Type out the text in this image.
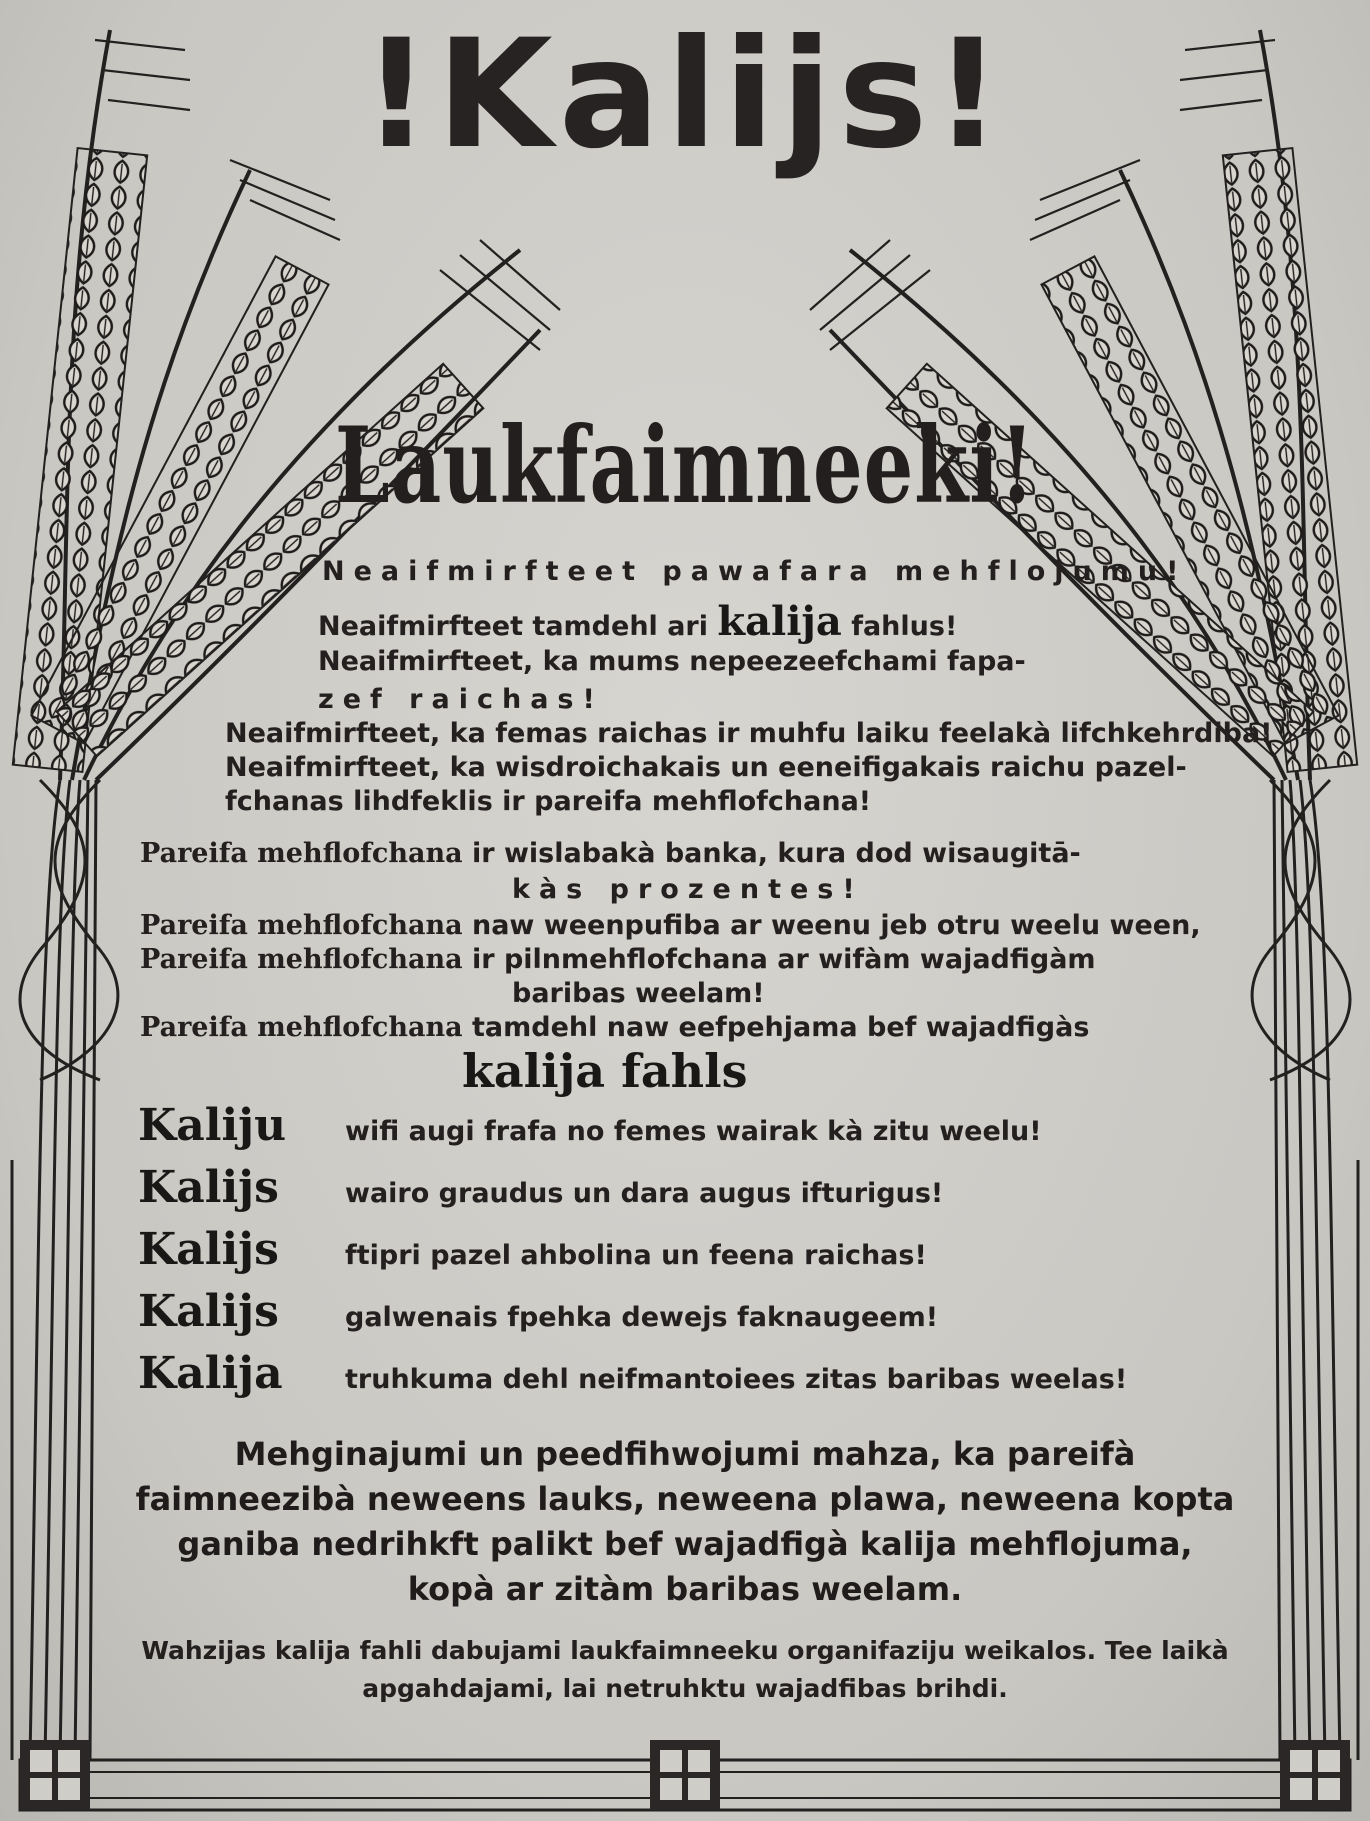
!Kalijs!
Laukfaimneeki!
Neaifmirfteet pawafara mehflojumu!
Neaifmirfteet tamdehl ari kalija fahlus!
Neaifmirfteet, ka mums nepeezeefchami fapa-
zef raichas!
Neaifmirfteet, ka femas raichas ir muhfu laiku feelakà lifchkehrdiba!
Neaifmirfteet, ka wisdroichakais un eeneifigakais raichu pazel-
fchanas lihdfeklis ir pareifa mehflofchana!
Pareifa mehflofchana ir wislabakà banka, kura dod wisaugitā-
kàs prozentes!
Pareifa mehflofchana naw weenpufiba ar weenu jeb otru weelu ween,
Pareifa mehflofchana ir pilnmehflofchana ar wifàm wajadfigàm
baribas weelam!
Pareifa mehflofchana tamdehl naw eefpehjama bef wajadfigàs
kalija fahls
Kaliju wifi augi frafa no femes wairak kà zitu weelu!
Kalijs wairo graudus un dara augus ifturigus!
Kalijs ftipri pazel ahbolina un feena raichas!
Kalijs galwenais fpehka dewejs faknaugeem!
Kalija truhkuma dehl neifmantoiees zitas baribas weelas!
Mehginajumi un peedfihwojumi mahza, ka pareifà faimneezibà neweens lauks, neweena plawa, neweena kopta ganiba nedrihkft palikt bef wajadfigà kalija mehflojuma, kopà ar zitàm baribas weelam.
Wahzijas kalija fahli dabujami laukfaimneeku organifaziju weikalos. Tee laikà apgahdajami, lai netruhktu wajadfibas brihdi.
